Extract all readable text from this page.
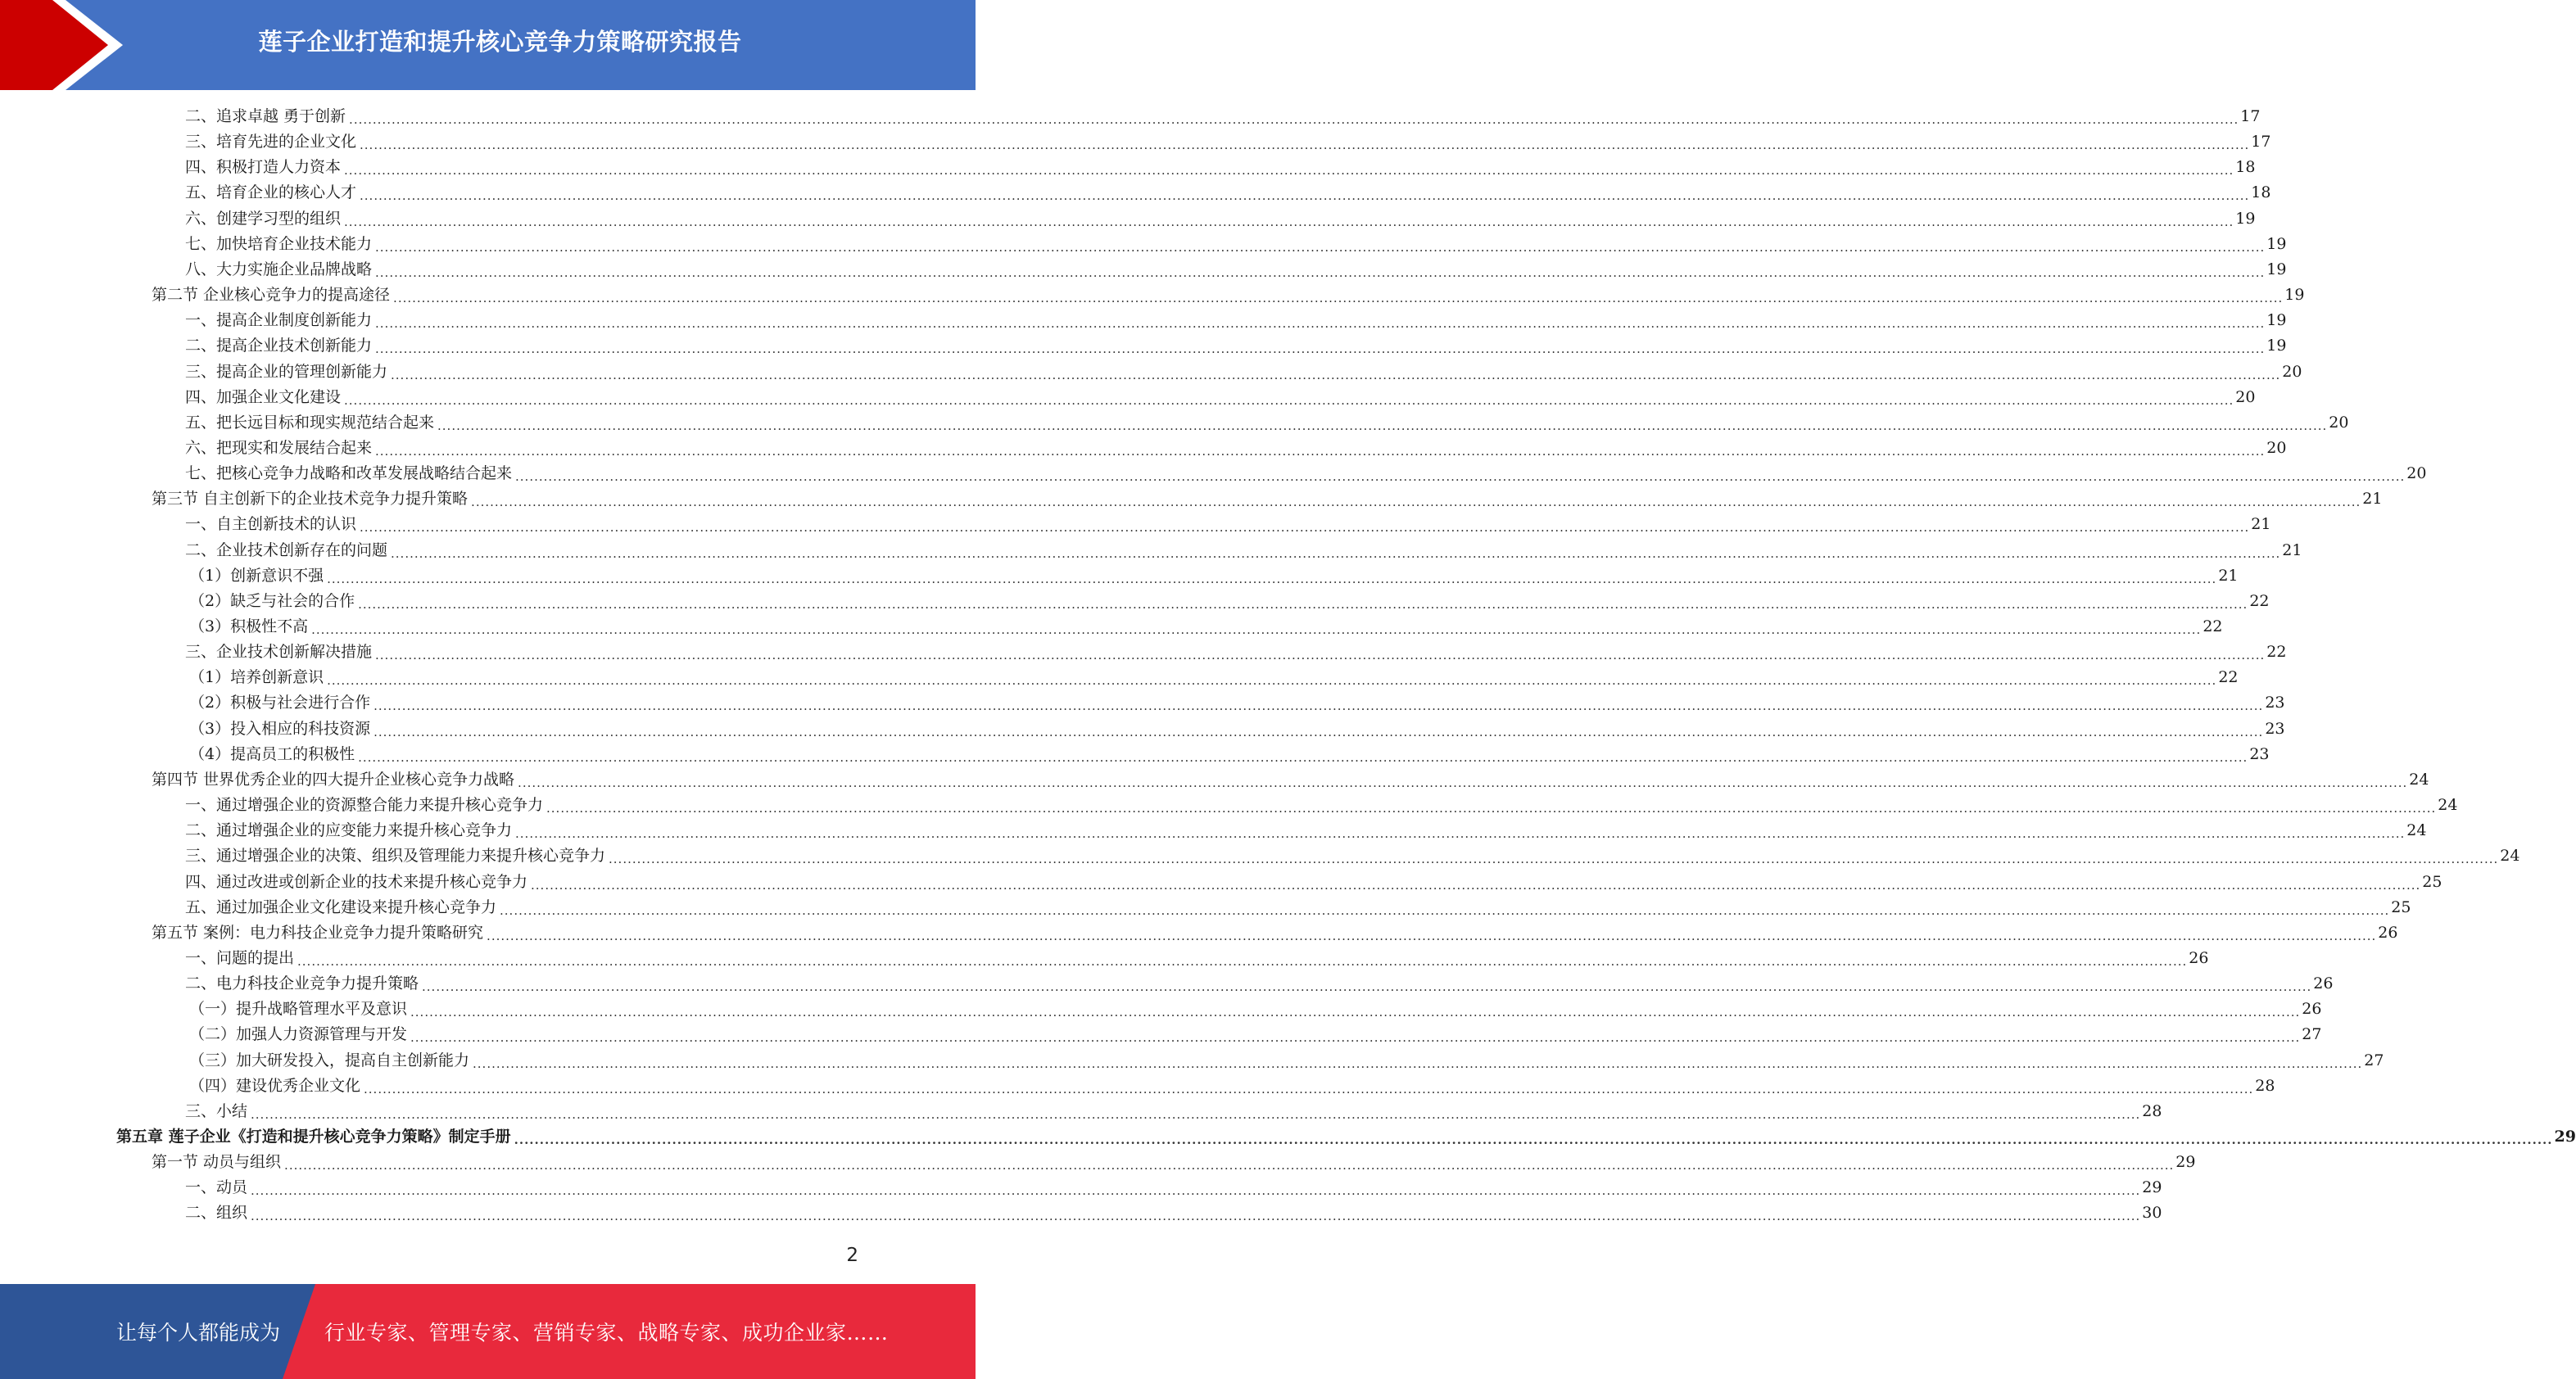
莲子企业打造和提升核心竞争力策略研究报告
二、追求卓越 勇于创新 ................................................................................................................................................................................................................................................................................................................................................................................................................ 17
三、培育先进的企业文化 ................................................................................................................................................................................................................................................................................................................................................................................................................ 17
四、积极打造人力资本 ................................................................................................................................................................................................................................................................................................................................................................................................................ 18
五、培育企业的核心人才 ................................................................................................................................................................................................................................................................................................................................................................................................................ 18
六、创建学习型的组织 ................................................................................................................................................................................................................................................................................................................................................................................................................ 19
七、加快培育企业技术能力 ................................................................................................................................................................................................................................................................................................................................................................................................................ 19
八、大力实施企业品牌战略 ................................................................................................................................................................................................................................................................................................................................................................................................................ 19
第二节 企业核心竞争力的提高途径 ................................................................................................................................................................................................................................................................................................................................................................................................................ 19
一、提高企业制度创新能力 ................................................................................................................................................................................................................................................................................................................................................................................................................ 19
二、提高企业技术创新能力 ................................................................................................................................................................................................................................................................................................................................................................................................................ 19
三、提高企业的管理创新能力 ................................................................................................................................................................................................................................................................................................................................................................................................................ 20
四、加强企业文化建设 ................................................................................................................................................................................................................................................................................................................................................................................................................ 20
五、把长远目标和现实规范结合起来 ................................................................................................................................................................................................................................................................................................................................................................................................................ 20
六、把现实和发展结合起来 ................................................................................................................................................................................................................................................................................................................................................................................................................ 20
七、把核心竞争力战略和改革发展战略结合起来 ................................................................................................................................................................................................................................................................................................................................................................................................................ 20
第三节 自主创新下的企业技术竞争力提升策略 ................................................................................................................................................................................................................................................................................................................................................................................................................ 21
一、自主创新技术的认识 ................................................................................................................................................................................................................................................................................................................................................................................................................ 21
二、企业技术创新存在的问题 ................................................................................................................................................................................................................................................................................................................................................................................................................ 21
（1）创新意识不强 ................................................................................................................................................................................................................................................................................................................................................................................................................ 21
（2）缺乏与社会的合作 ................................................................................................................................................................................................................................................................................................................................................................................................................ 22
（3）积极性不高 ................................................................................................................................................................................................................................................................................................................................................................................................................ 22
三、企业技术创新解决措施 ................................................................................................................................................................................................................................................................................................................................................................................................................ 22
（1）培养创新意识 ................................................................................................................................................................................................................................................................................................................................................................................................................ 22
（2）积极与社会进行合作 ................................................................................................................................................................................................................................................................................................................................................................................................................ 23
（3）投入相应的科技资源 ................................................................................................................................................................................................................................................................................................................................................................................................................ 23
（4）提高员工的积极性 ................................................................................................................................................................................................................................................................................................................................................................................................................ 23
第四节 世界优秀企业的四大提升企业核心竞争力战略 ................................................................................................................................................................................................................................................................................................................................................................................................................ 24
一、通过增强企业的资源整合能力来提升核心竞争力 ................................................................................................................................................................................................................................................................................................................................................................................................................ 24
二、通过增强企业的应变能力来提升核心竞争力 ................................................................................................................................................................................................................................................................................................................................................................................................................ 24
三、通过增强企业的决策、组织及管理能力来提升核心竞争力 ................................................................................................................................................................................................................................................................................................................................................................................................................ 24
四、通过改进或创新企业的技术来提升核心竞争力 ................................................................................................................................................................................................................................................................................................................................................................................................................ 25
五、通过加强企业文化建设来提升核心竞争力 ................................................................................................................................................................................................................................................................................................................................................................................................................ 25
第五节 案例：电力科技企业竞争力提升策略研究 ................................................................................................................................................................................................................................................................................................................................................................................................................ 26
一、问题的提出 ................................................................................................................................................................................................................................................................................................................................................................................................................ 26
二、电力科技企业竞争力提升策略 ................................................................................................................................................................................................................................................................................................................................................................................................................ 26
（一）提升战略管理水平及意识 ................................................................................................................................................................................................................................................................................................................................................................................................................ 26
（二）加强人力资源管理与开发 ................................................................................................................................................................................................................................................................................................................................................................................................................ 27
（三）加大研发投入，提高自主创新能力 ................................................................................................................................................................................................................................................................................................................................................................................................................ 27
（四）建设优秀企业文化 ................................................................................................................................................................................................................................................................................................................................................................................................................ 28
三、小结 ................................................................................................................................................................................................................................................................................................................................................................................................................ 28
第五章 莲子企业《打造和提升核心竞争力策略》制定手册 ................................................................................................................................................................................................................................................................................................................................................................................................................ 29
第一节 动员与组织 ................................................................................................................................................................................................................................................................................................................................................................................................................ 29
一、动员 ................................................................................................................................................................................................................................................................................................................................................................................................................ 29
二、组织 ................................................................................................................................................................................................................................................................................................................................................................................................................ 30
2
让每个人都能成为 行业专家、管理专家、营销专家、战略专家、成功企业家……
